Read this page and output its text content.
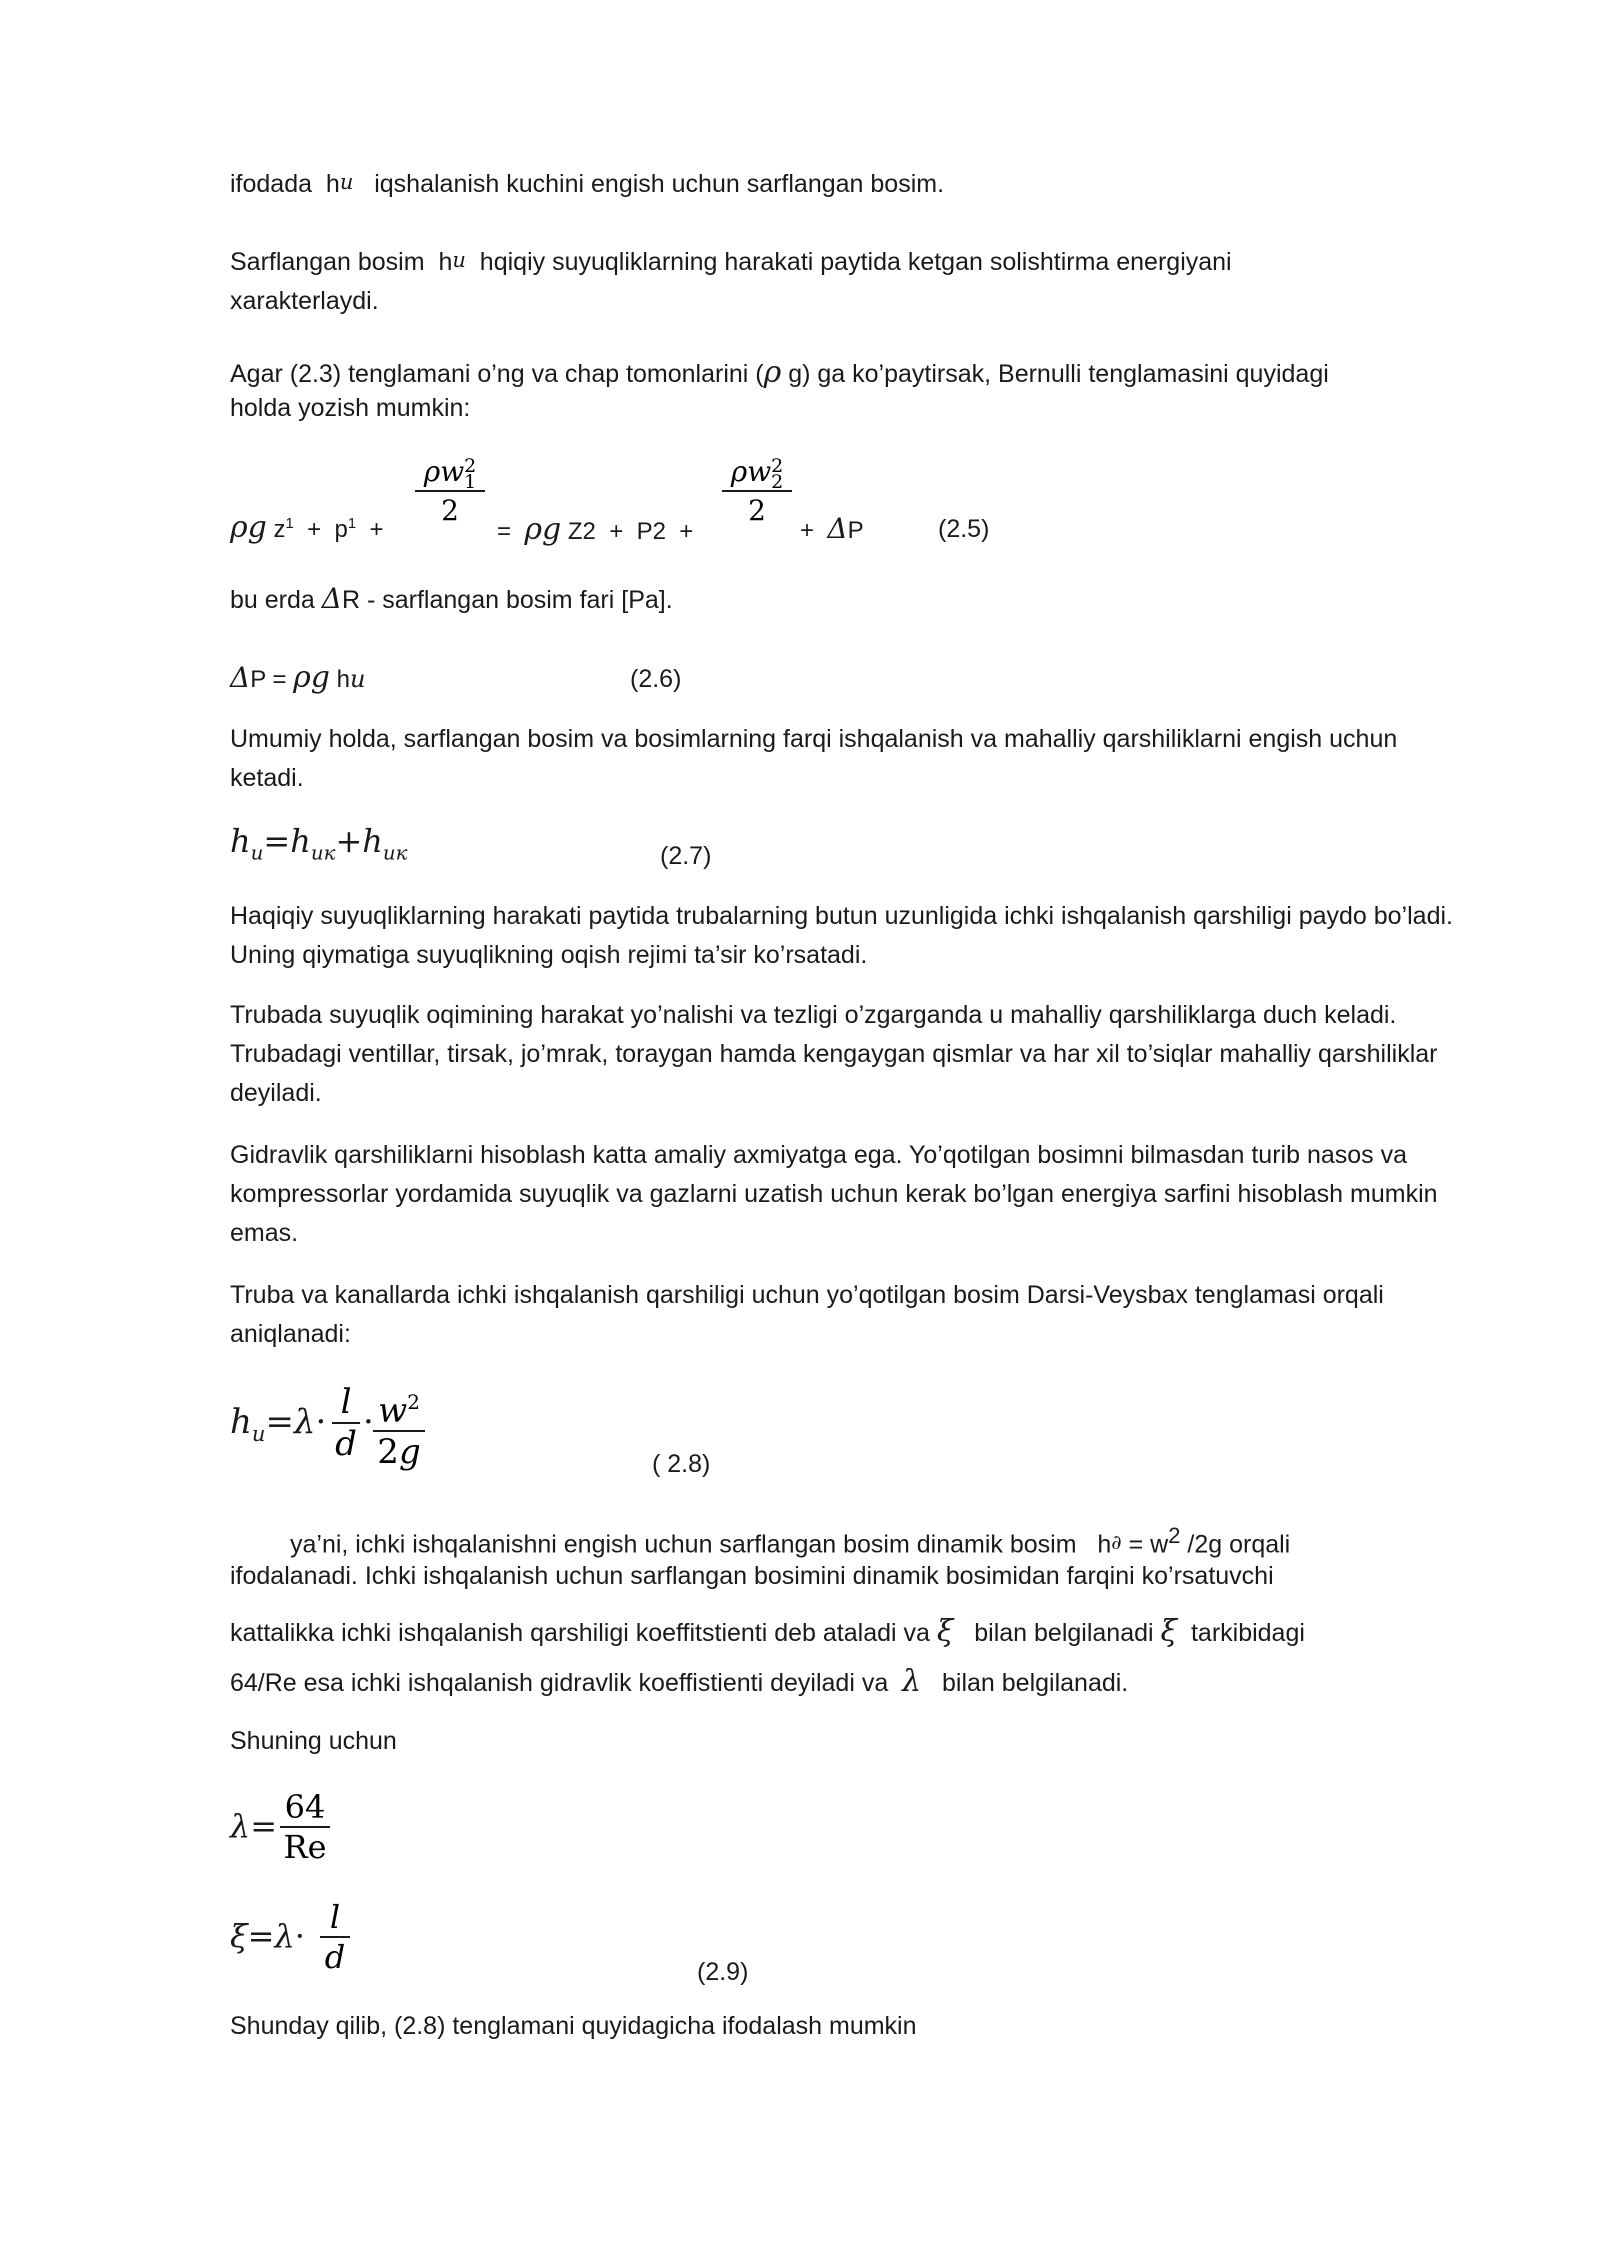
ifodada  hu iqshalanish kuchini engish uchun sarflangan bosim.
Sarflangan bosim  hu hqiqiy suyuqliklarning harakati paytida ketgan solishtirma energiyani
xarakterlaydi.
Agar (2.3) tenglamani o’ng va chap tomonlarini (ρ g) ga ko’paytirsak, Bernulli tenglamasini quyidagi
holda yozish mumkin:
ρg $z^1 + p^1$  +
ρw 2
1
2
=  ρg Z2  +  P2  +
ρw 2
2
2
+  ΔP	(2.5)
bu erda ΔR - sarflangan bosim fari [Pa].
ΔP = ρg hu	(2.6)
Umumiy holda, sarflangan bosim va bosimlarning farqi ishqalanish va mahalliy qarshiliklarni engish uchun ketadi.
$h_u=h_{uк}+h_{uк}$	(2.7)
Haqiqiy suyuqliklarning harakati paytida trubalarning butun uzunligida ichki ishqalanish qarshiligi paydo bo’ladi. Uning qiymatiga suyuqlikning oqish rejimi ta’sir ko’rsatadi.
Trubada suyuqlik oqimining harakat yo’nalishi va tezligi o’zgarganda u mahalliy qarshiliklarga duch keladi. Trubadagi ventillar, tirsak, jo’mrak, toraygan hamda kengaygan qismlar va har xil to’siqlar mahalliy qarshiliklar deyiladi.
Gidravlik qarshiliklarni hisoblash katta amaliy axmiyatga ega. Yo’qotilgan bosimni bilmasdan turib nasos va kompressorlar yordamida suyuqlik va gazlarni uzatish uchun kerak bo’lgan energiya sarfini hisoblash mumkin emas.
Truba va kanallarda ichki ishqalanish qarshiligi uchun yo’qotilgan bosim Darsi-Veysbax tenglamasi orqali aniqlanadi:
$h_u=\lambda\cdot l$
d
· $w^2$
2g	( 2.8)
ya’ni, ichki ishqalanishni engish uchun sarflangan bosim dinamik bosim   $h\partial = w^2$ /2g orqali
ifodalanadi. Ichki ishqalanish uchun sarflangan bosimini dinamik bosimidan farqini ko’rsatuvchi
kattalikka ichki ishqalanish qarshiligi koeffitstienti deb ataladi va ξ bilan belgilanadi ξ tarkibidagi
64/Re esa ichki ishqalanish gidravlik koeffistienti deyiladi va λ bilan belgilanadi.
Shuning uchun
λ= 64
Re
ξ=λ· l
d	(2.9)
Shunday qilib, (2.8) tenglamani quyidagicha ifodalash mumkin
